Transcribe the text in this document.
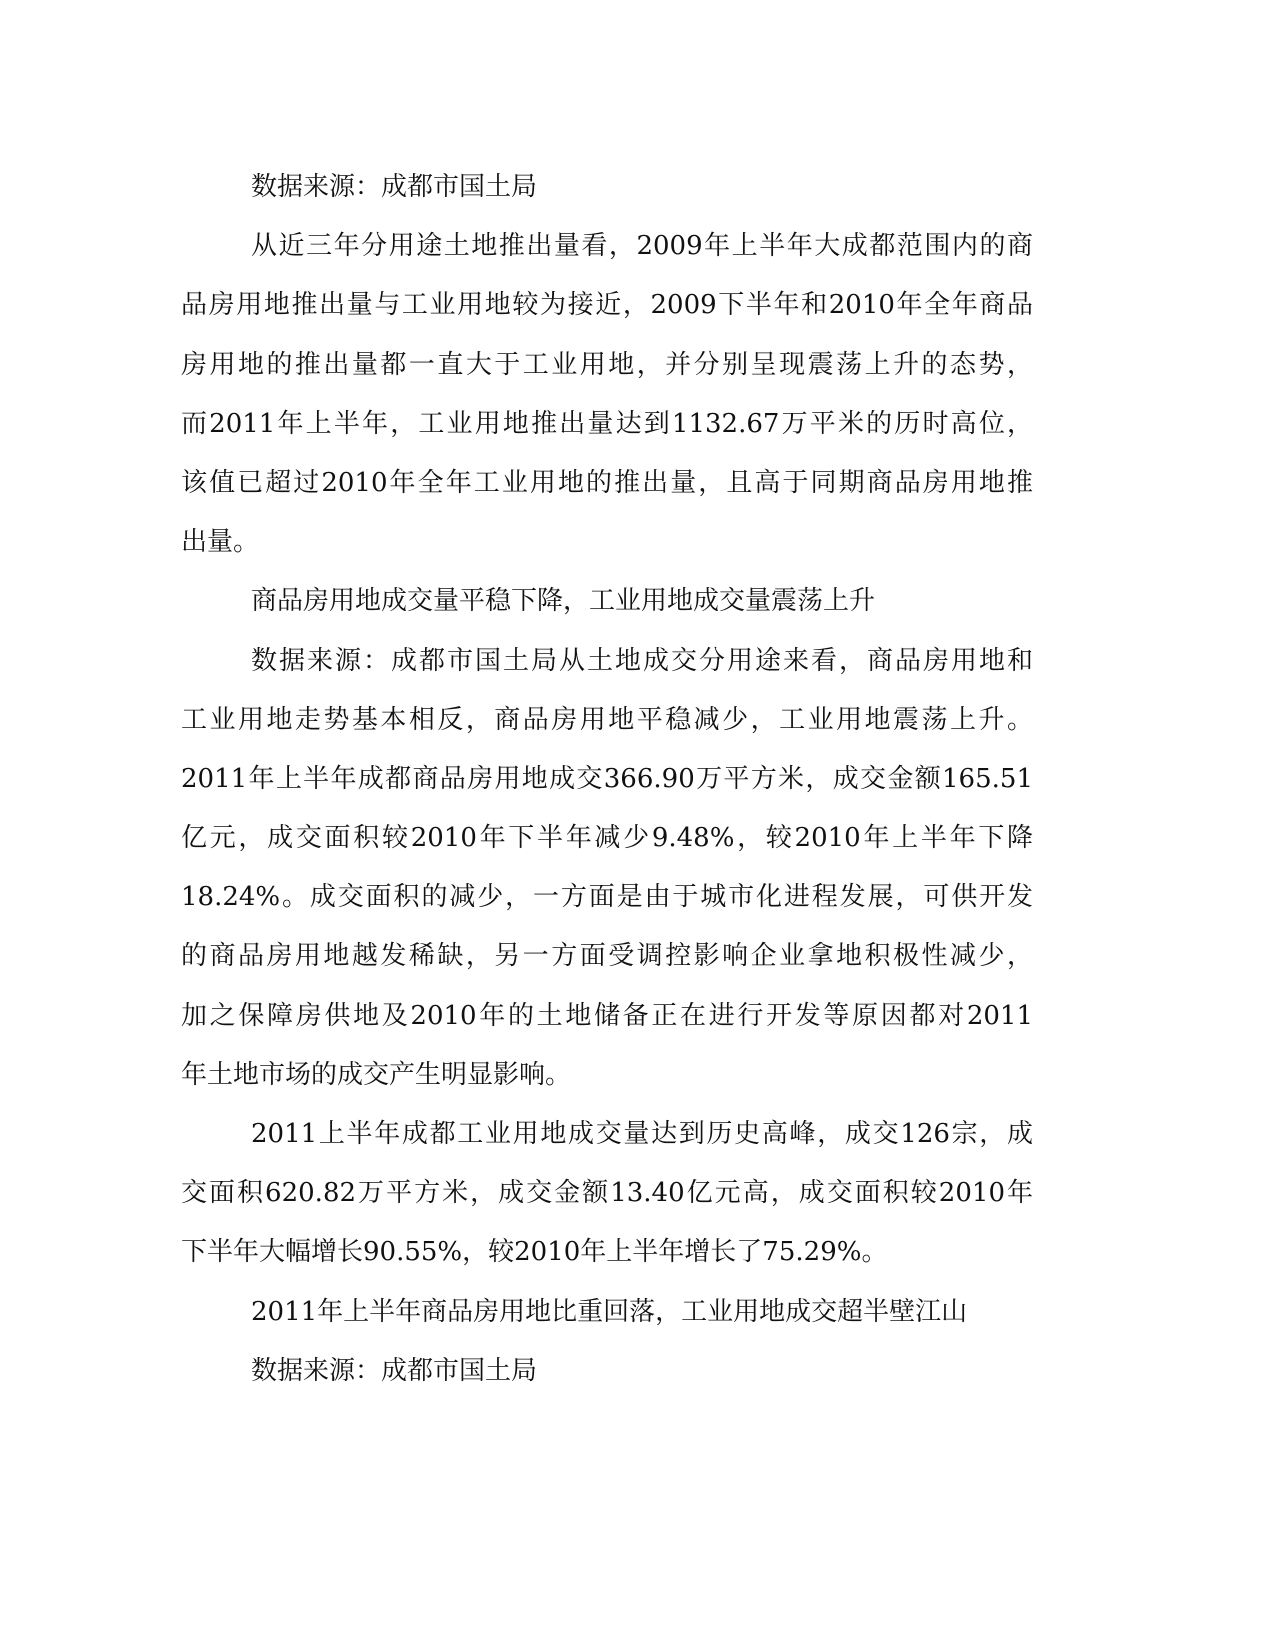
数据来源：成都市国土局
从近三年分用途土地推出量看，2009年上半年大成都范围内的商
品房用地推出量与工业用地较为接近，2009下半年和2010年全年商品
房用地的推出量都一直大于工业用地，并分别呈现震荡上升的态势，
而2011年上半年，工业用地推出量达到1132.67万平米的历时高位，
该值已超过2010年全年工业用地的推出量，且高于同期商品房用地推
出量。
商品房用地成交量平稳下降，工业用地成交量震荡上升
数据来源：成都市国土局从土地成交分用途来看，商品房用地和
工业用地走势基本相反，商品房用地平稳减少，工业用地震荡上升。
2011年上半年成都商品房用地成交366.90万平方米，成交金额165.51
亿元，成交面积较2010年下半年减少9.48%，较2010年上半年下降
18.24%。成交面积的减少，一方面是由于城市化进程发展，可供开发
的商品房用地越发稀缺，另一方面受调控影响企业拿地积极性减少，
加之保障房供地及2010年的土地储备正在进行开发等原因都对2011
年土地市场的成交产生明显影响。
2011上半年成都工业用地成交量达到历史高峰，成交126宗，成
交面积620.82万平方米，成交金额13.40亿元高，成交面积较2010年
下半年大幅增长90.55%，较2010年上半年增长了75.29%。
2011年上半年商品房用地比重回落，工业用地成交超半壁江山
数据来源：成都市国土局
